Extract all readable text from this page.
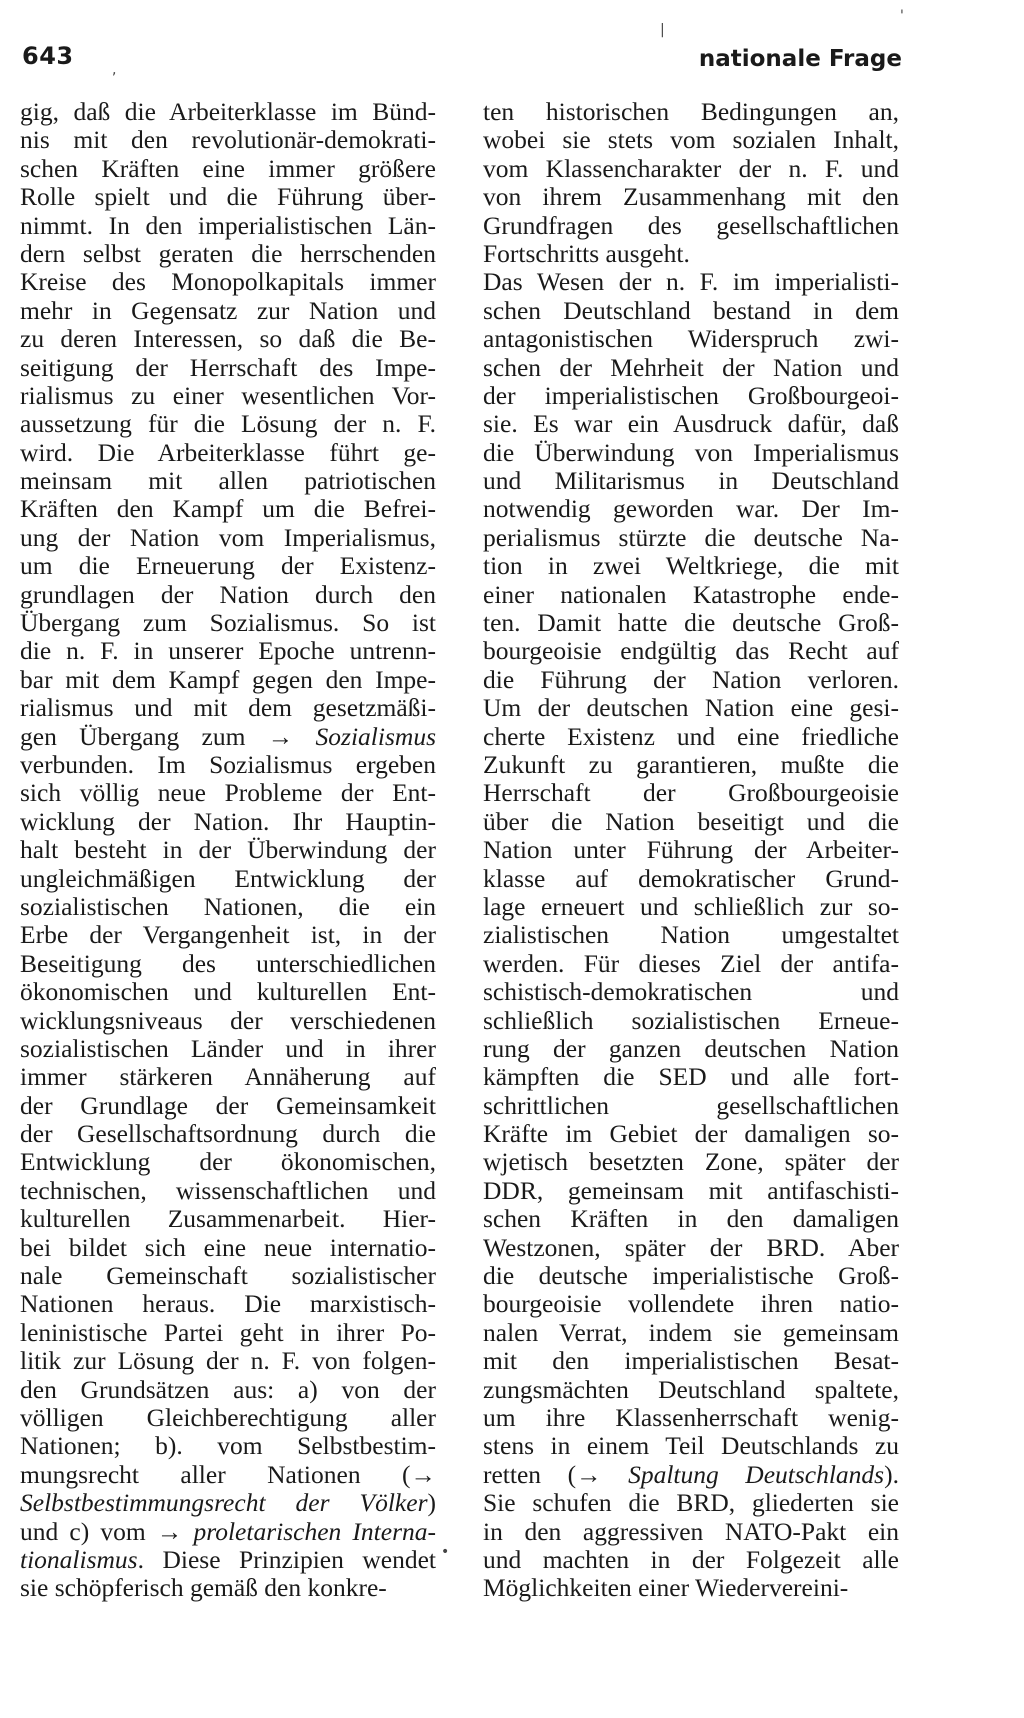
643	nationale Frage
,
|
'
•
gig, daß die Arbeiterklasse im Bünd-
nis mit den revolutionär-demokrati-
schen Kräften eine immer größere
Rolle spielt und die Führung über-
nimmt. In den imperialistischen Län-
dern selbst geraten die herrschenden
Kreise des Monopolkapitals immer
mehr in Gegensatz zur Nation und
zu deren Interessen, so daß die Be-
seitigung der Herrschaft des Impe-
rialismus zu einer wesentlichen Vor-
aussetzung für die Lösung der n. F.
wird. Die Arbeiterklasse führt ge-
meinsam mit allen patriotischen
Kräften den Kampf um die Befrei-
ung der Nation vom Imperialismus,
um die Erneuerung der Existenz-
grundlagen der Nation durch den
Übergang zum Sozialismus. So ist
die n. F. in unserer Epoche untrenn-
bar mit dem Kampf gegen den Impe-
rialismus und mit dem gesetzmäßi-
gen Übergang zum → Sozialismus
verbunden. Im Sozialismus ergeben
sich völlig neue Probleme der Ent-
wicklung der Nation. Ihr Hauptin-
halt besteht in der Überwindung der
ungleichmäßigen Entwicklung der
sozialistischen Nationen, die ein
Erbe der Vergangenheit ist, in der
Beseitigung des unterschiedlichen
ökonomischen und kulturellen Ent-
wicklungsniveaus der verschiedenen
sozialistischen Länder und in ihrer
immer stärkeren Annäherung auf
der Grundlage der Gemeinsamkeit
der Gesellschaftsordnung durch die
Entwicklung der ökonomischen,
technischen, wissenschaftlichen und
kulturellen Zusammenarbeit. Hier-
bei bildet sich eine neue internatio-
nale Gemeinschaft sozialistischer
Nationen heraus. Die marxistisch-
leninistische Partei geht in ihrer Po-
litik zur Lösung der n. F. von folgen-
den Grundsätzen aus: a) von der
völligen Gleichberechtigung aller
Nationen; b). vom Selbstbestim-
mungsrecht aller Nationen (→
Selbstbestimmungsrecht der Völker)
und c) vom → proletarischen Interna-
tionalismus. Diese Prinzipien wendet
sie schöpferisch gemäß den konkre-
ten historischen Bedingungen an,
wobei sie stets vom sozialen Inhalt,
vom Klassencharakter der n. F. und
von ihrem Zusammenhang mit den
Grundfragen des gesellschaftlichen
Fortschritts ausgeht.
Das Wesen der n. F. im imperialisti-
schen Deutschland bestand in dem
antagonistischen Widerspruch zwi-
schen der Mehrheit der Nation und
der imperialistischen Großbourgeoi-
sie. Es war ein Ausdruck dafür, daß
die Überwindung von Imperialismus
und Militarismus in Deutschland
notwendig geworden war. Der Im-
perialismus stürzte die deutsche Na-
tion in zwei Weltkriege, die mit
einer nationalen Katastrophe ende-
ten. Damit hatte die deutsche Groß-
bourgeoisie endgültig das Recht auf
die Führung der Nation verloren.
Um der deutschen Nation eine gesi-
cherte Existenz und eine friedliche
Zukunft zu garantieren, mußte die
Herrschaft der Großbourgeoisie
über die Nation beseitigt und die
Nation unter Führung der Arbeiter-
klasse auf demokratischer Grund-
lage erneuert und schließlich zur so-
zialistischen Nation umgestaltet
werden. Für dieses Ziel der antifa-
schistisch-demokratischen und
schließlich sozialistischen Erneue-
rung der ganzen deutschen Nation
kämpften die SED und alle fort-
schrittlichen gesellschaftlichen
Kräfte im Gebiet der damaligen so-
wjetisch besetzten Zone, später der
DDR, gemeinsam mit antifaschisti-
schen Kräften in den damaligen
Westzonen, später der BRD. Aber
die deutsche imperialistische Groß-
bourgeoisie vollendete ihren natio-
nalen Verrat, indem sie gemeinsam
mit den imperialistischen Besat-
zungsmächten Deutschland spaltete,
um ihre Klassenherrschaft wenig-
stens in einem Teil Deutschlands zu
retten (→ Spaltung Deutschlands).
Sie schufen die BRD, gliederten sie
in den aggressiven NATO-Pakt ein
und machten in der Folgezeit alle
Möglichkeiten einer Wiedervereini-
